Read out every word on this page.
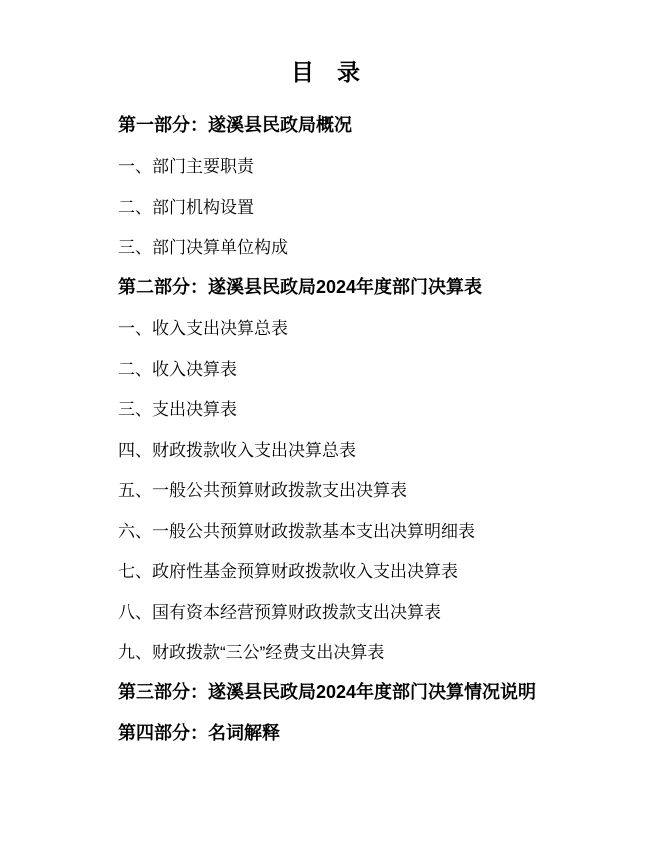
目　录
第一部分：遂溪县民政局概况
一、部门主要职责
二、部门机构设置
三、部门决算单位构成
第二部分：遂溪县民政局2024年度部门决算表
一、收入支出决算总表
二、收入决算表
三、支出决算表
四、财政拨款收入支出决算总表
五、一般公共预算财政拨款支出决算表
六、一般公共预算财政拨款基本支出决算明细表
七、政府性基金预算财政拨款收入支出决算表
八、国有资本经营预算财政拨款支出决算表
九、财政拨款“三公”经费支出决算表
第三部分：遂溪县民政局2024年度部门决算情况说明
第四部分：名词解释
